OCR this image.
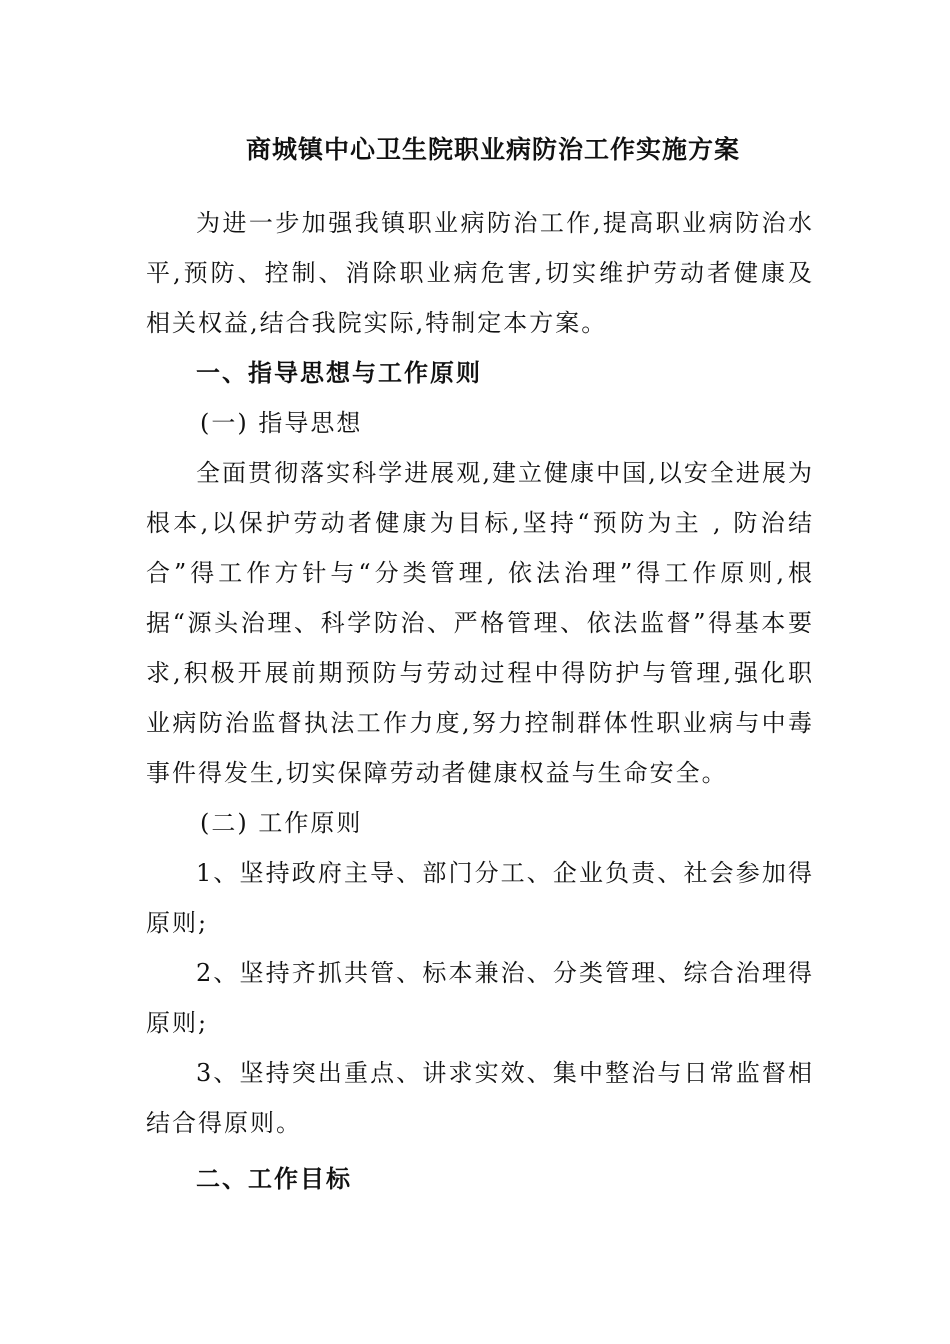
商城镇中心卫生院职业病防治工作实施方案

为进一步加强我镇职业病防治工作,提高职业病防治水平,预防、控制、消除职业病危害,切实维护劳动者健康及相关权益,结合我院实际,特制定本方案。

一、指导思想与工作原则

(一) 指导思想

全面贯彻落实科学进展观,建立健康中国,以安全进展为根本,以保护劳动者健康为目标,坚持“预防为主 , 防治结合”得工作方针与“分类管理, 依法治理”得工作原则,根据“源头治理、科学防治、严格管理、依法监督”得基本要求,积极开展前期预防与劳动过程中得防护与管理,强化职业病防治监督执法工作力度,努力控制群体性职业病与中毒事件得发生,切实保障劳动者健康权益与生命安全。

(二) 工作原则

1、坚持政府主导、部门分工、企业负责、社会参加得原则;

2、坚持齐抓共管、标本兼治、分类管理、综合治理得原则;

3、坚持突出重点、讲求实效、集中整治与日常监督相结合得原则。

二、工作目标
